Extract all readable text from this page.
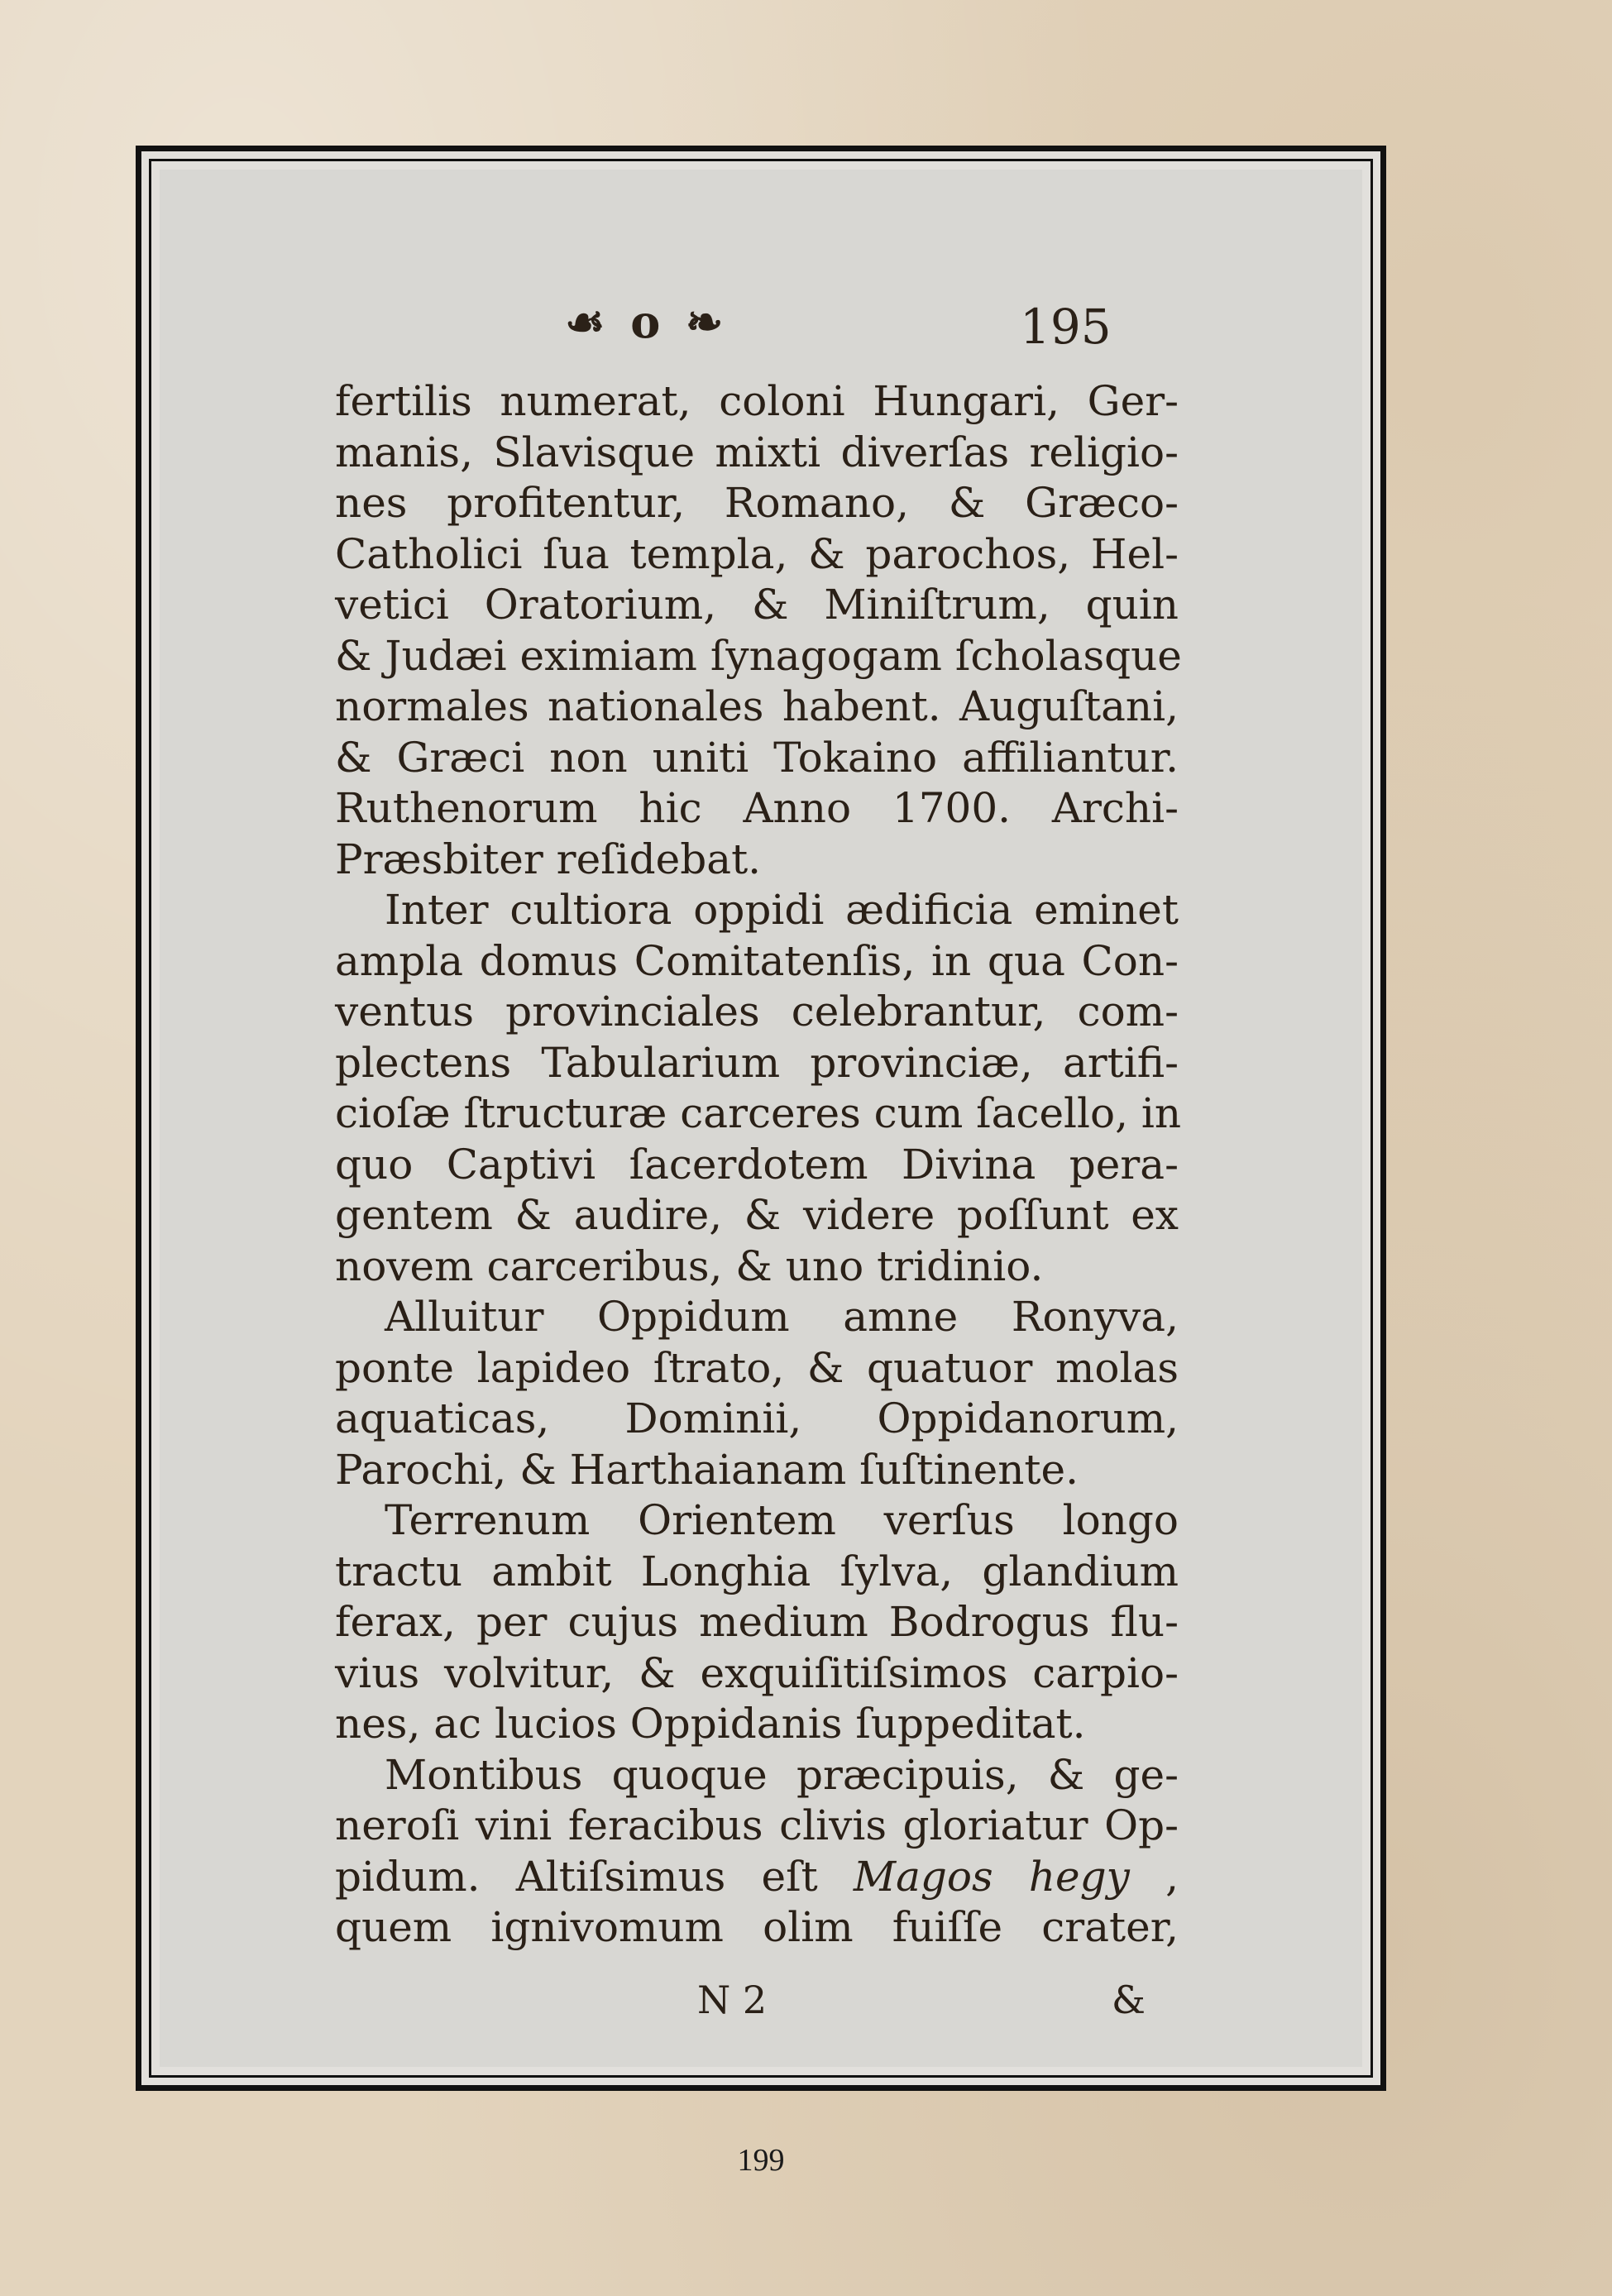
☙ o ❧	195
fertilis numerat, coloni Hungari, Ger-
manis, Slavisque mixti diverſas religio-
nes profitentur, Romano, & Græco-
Catholici ſua templa, & parochos, Hel-
vetici Oratorium, & Miniſtrum, quin
& Judæi eximiam ſynagogam ſcholasque
normales nationales habent. Auguſtani,
& Græci non uniti Tokaino affiliantur.
Ruthenorum hic Anno 1700. Archi-
Præsbiter reſidebat.
Inter cultiora oppidi ædificia eminet
ampla domus Comitatenſis, in qua Con-
ventus provinciales celebrantur, com-
plectens Tabularium provinciæ, artifi-
cioſæ ſtructuræ carceres cum ſacello, in
quo Captivi ſacerdotem Divina pera-
gentem & audire, & videre poſſunt ex
novem carceribus, & uno tridinio.
Alluitur Oppidum amne Ronyva,
ponte lapideo ſtrato, & quatuor molas
aquaticas, Dominii, Oppidanorum,
Parochi, & Harthaianam ſuſtinente.
Terrenum Orientem verſus longo
tractu ambit Longhia ſylva, glandium
ferax, per cujus medium Bodrogus flu-
vius volvitur, & exquiſitiſsimos carpio-
nes, ac lucios Oppidanis ſuppeditat.
Montibus quoque præcipuis, & ge-
neroſi vini feracibus clivis gloriatur Op-
pidum. Altiſsimus eſt Magos hegy ,
quem ignivomum olim fuiſſe crater,
N 2	&
199
